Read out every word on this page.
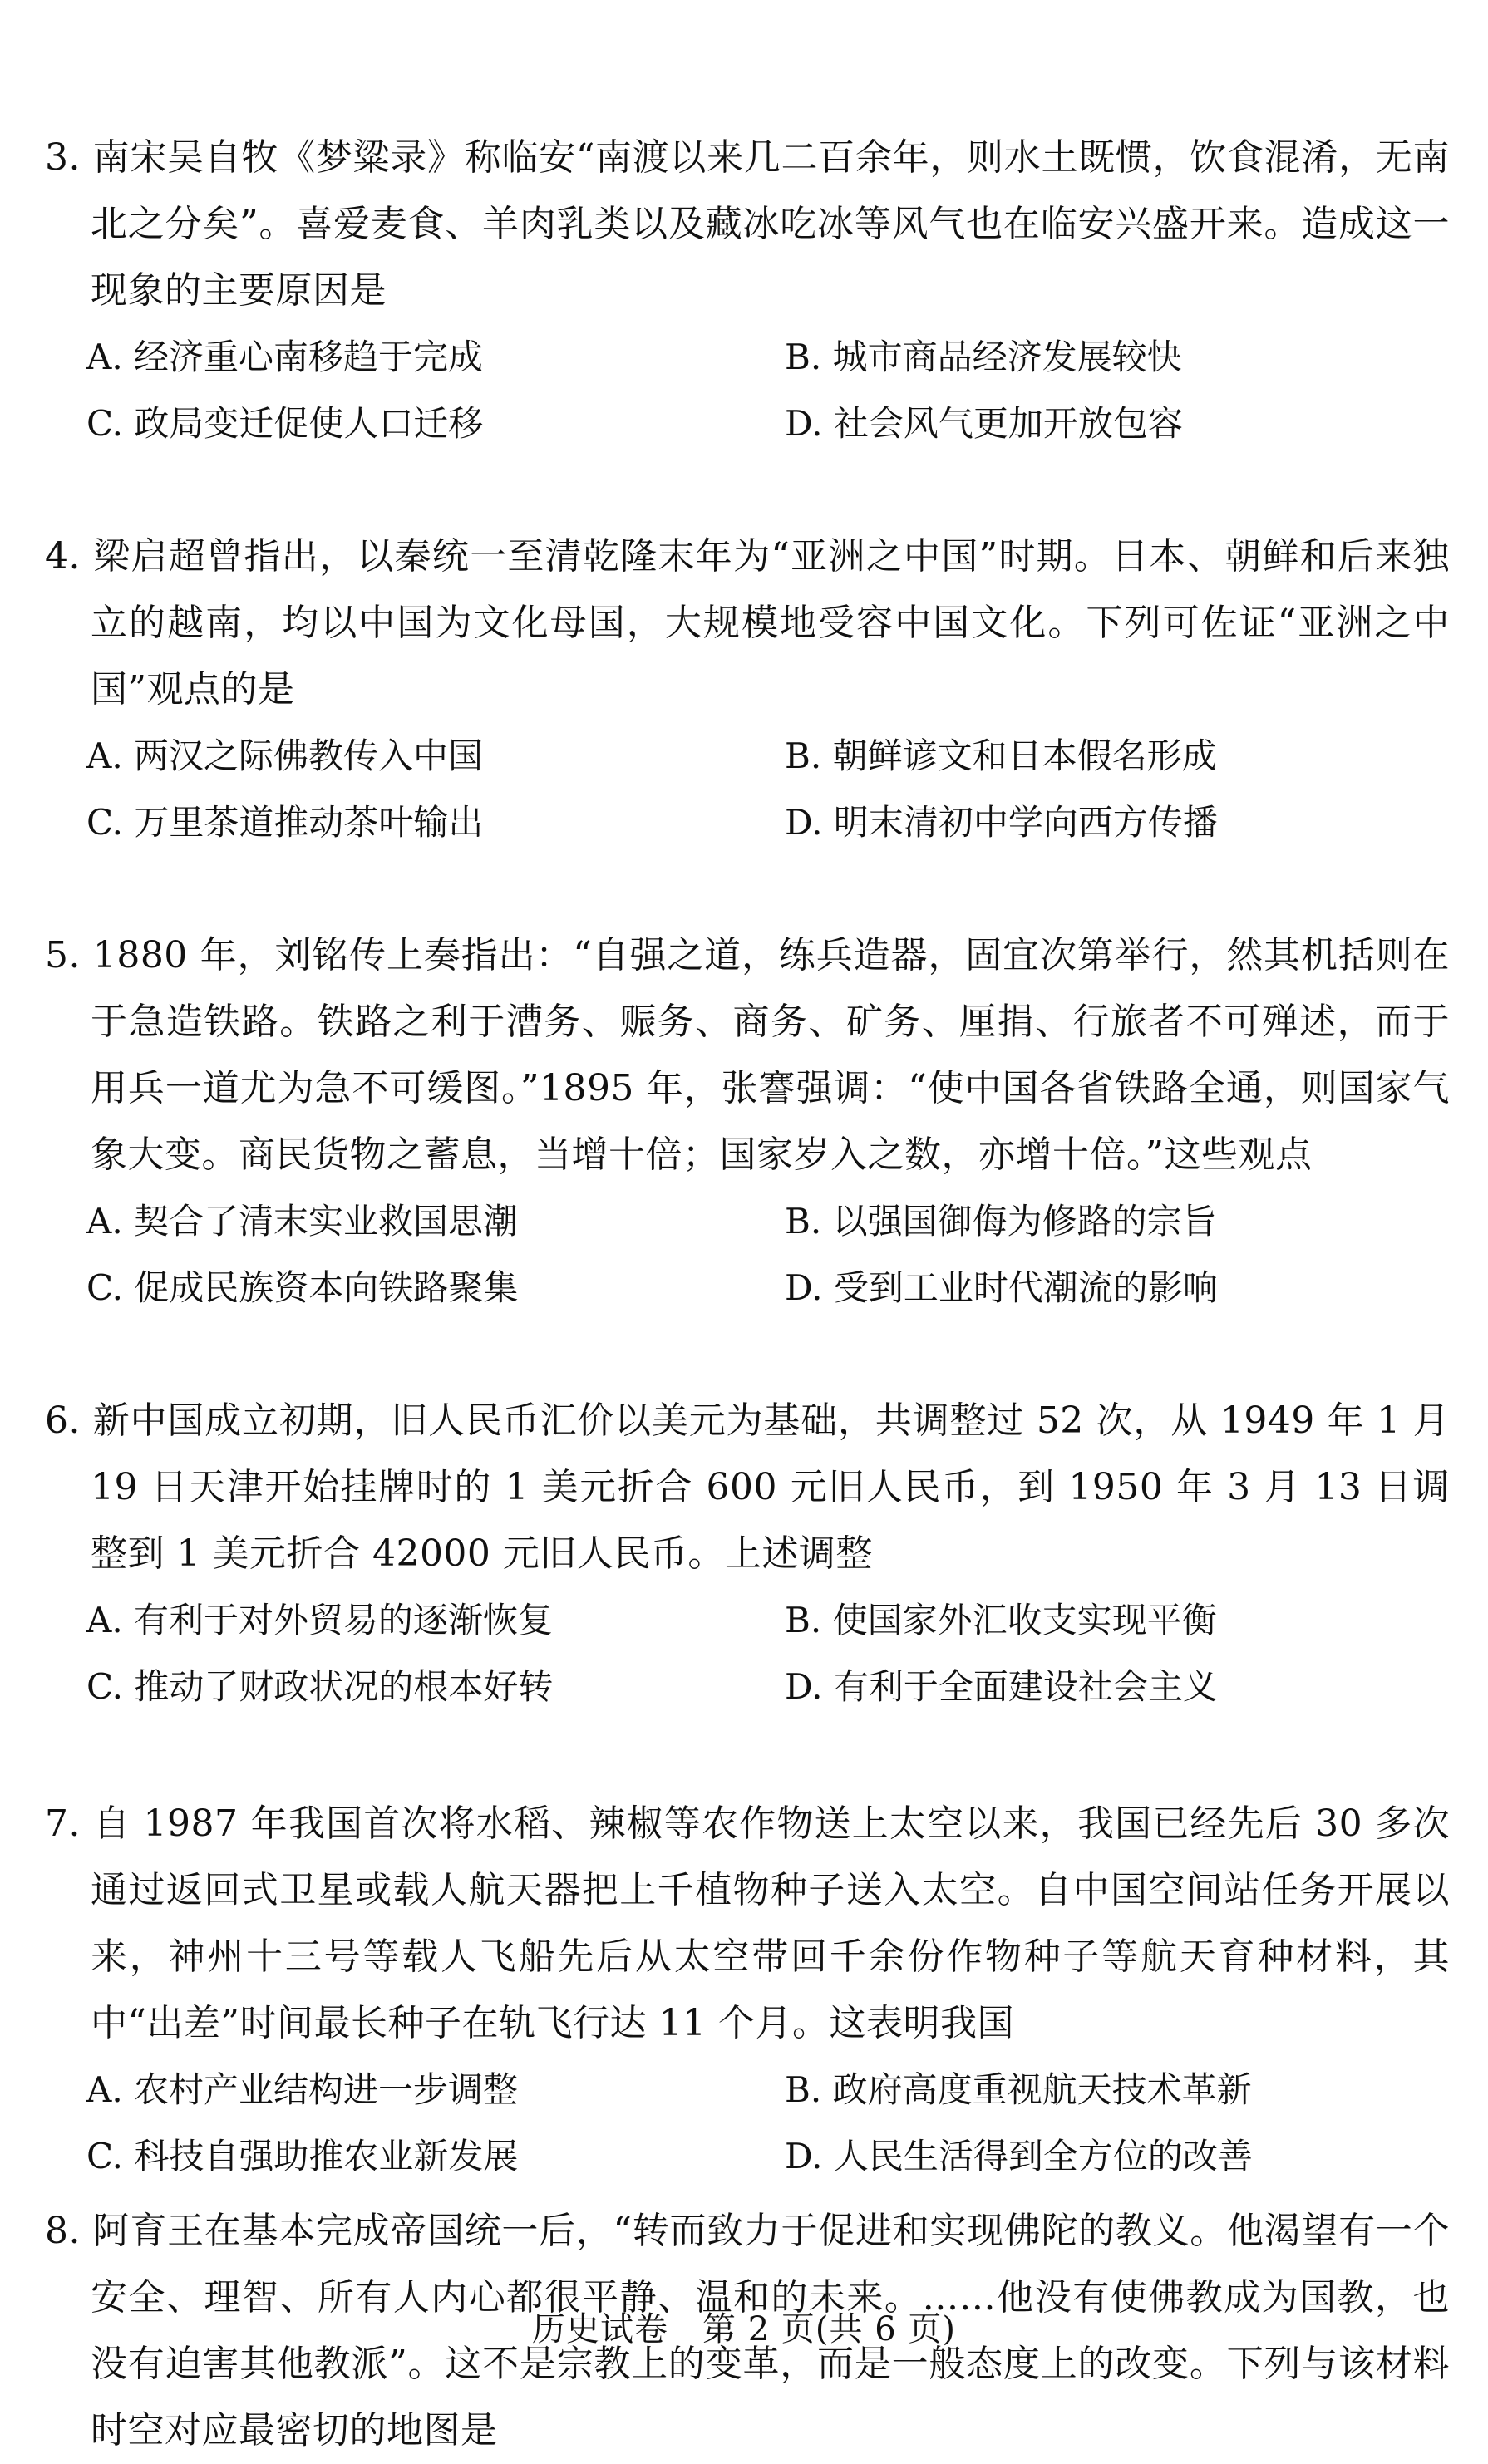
3. 南宋吴自牧《梦粱录》称临安“南渡以来几二百余年，则水土既惯，饮食混淆，无南北之分矣”。喜爱麦食、羊肉乳类以及藏冰吃冰等风气也在临安兴盛开来。造成这一现象的主要原因是

A. 经济重心南移趋于完成	B. 城市商品经济发展较快
C. 政局变迁促使人口迁移	D. 社会风气更加开放包容

4. 梁启超曾指出，以秦统一至清乾隆末年为“亚洲之中国”时期。日本、朝鲜和后来独立的越南，均以中国为文化母国，大规模地受容中国文化。下列可佐证“亚洲之中国”观点的是

A. 两汉之际佛教传入中国	B. 朝鲜谚文和日本假名形成
C. 万里茶道推动茶叶输出	D. 明末清初中学向西方传播

5. 1880 年，刘铭传上奏指出：“自强之道，练兵造器，固宜次第举行，然其机括则在于急造铁路。铁路之利于漕务、赈务、商务、矿务、厘捐、行旅者不可殚述，而于用兵一道尤为急不可缓图。”1895 年，张謇强调：“使中国各省铁路全通，则国家气象大变。商民货物之蓄息，当增十倍；国家岁入之数，亦增十倍。”这些观点

A. 契合了清末实业救国思潮	B. 以强国御侮为修路的宗旨
C. 促成民族资本向铁路聚集	D. 受到工业时代潮流的影响

6. 新中国成立初期，旧人民币汇价以美元为基础，共调整过 52 次，从 1949 年 1 月 19 日天津开始挂牌时的 1 美元折合 600 元旧人民币，到 1950 年 3 月 13 日调整到 1 美元折合 42000 元旧人民币。上述调整

A. 有利于对外贸易的逐渐恢复	B. 使国家外汇收支实现平衡
C. 推动了财政状况的根本好转	D. 有利于全面建设社会主义

7. 自 1987 年我国首次将水稻、辣椒等农作物送上太空以来，我国已经先后 30 多次通过返回式卫星或载人航天器把上千植物种子送入太空。自中国空间站任务开展以来，神州十三号等载人飞船先后从太空带回千余份作物种子等航天育种材料，其中“出差”时间最长种子在轨飞行达 11 个月。这表明我国

A. 农村产业结构进一步调整	B. 政府高度重视航天技术革新
C. 科技自强助推农业新发展	D. 人民生活得到全方位的改善

8. 阿育王在基本完成帝国统一后，“转而致力于促进和实现佛陀的教义。他渴望有一个安全、理智、所有人内心都很平静、温和的未来。……他没有使佛教成为国教，也没有迫害其他教派”。这不是宗教上的变革，而是一般态度上的改变。下列与该材料时空对应最密切的地图是

历史试卷　第 2 页(共 6 页)
